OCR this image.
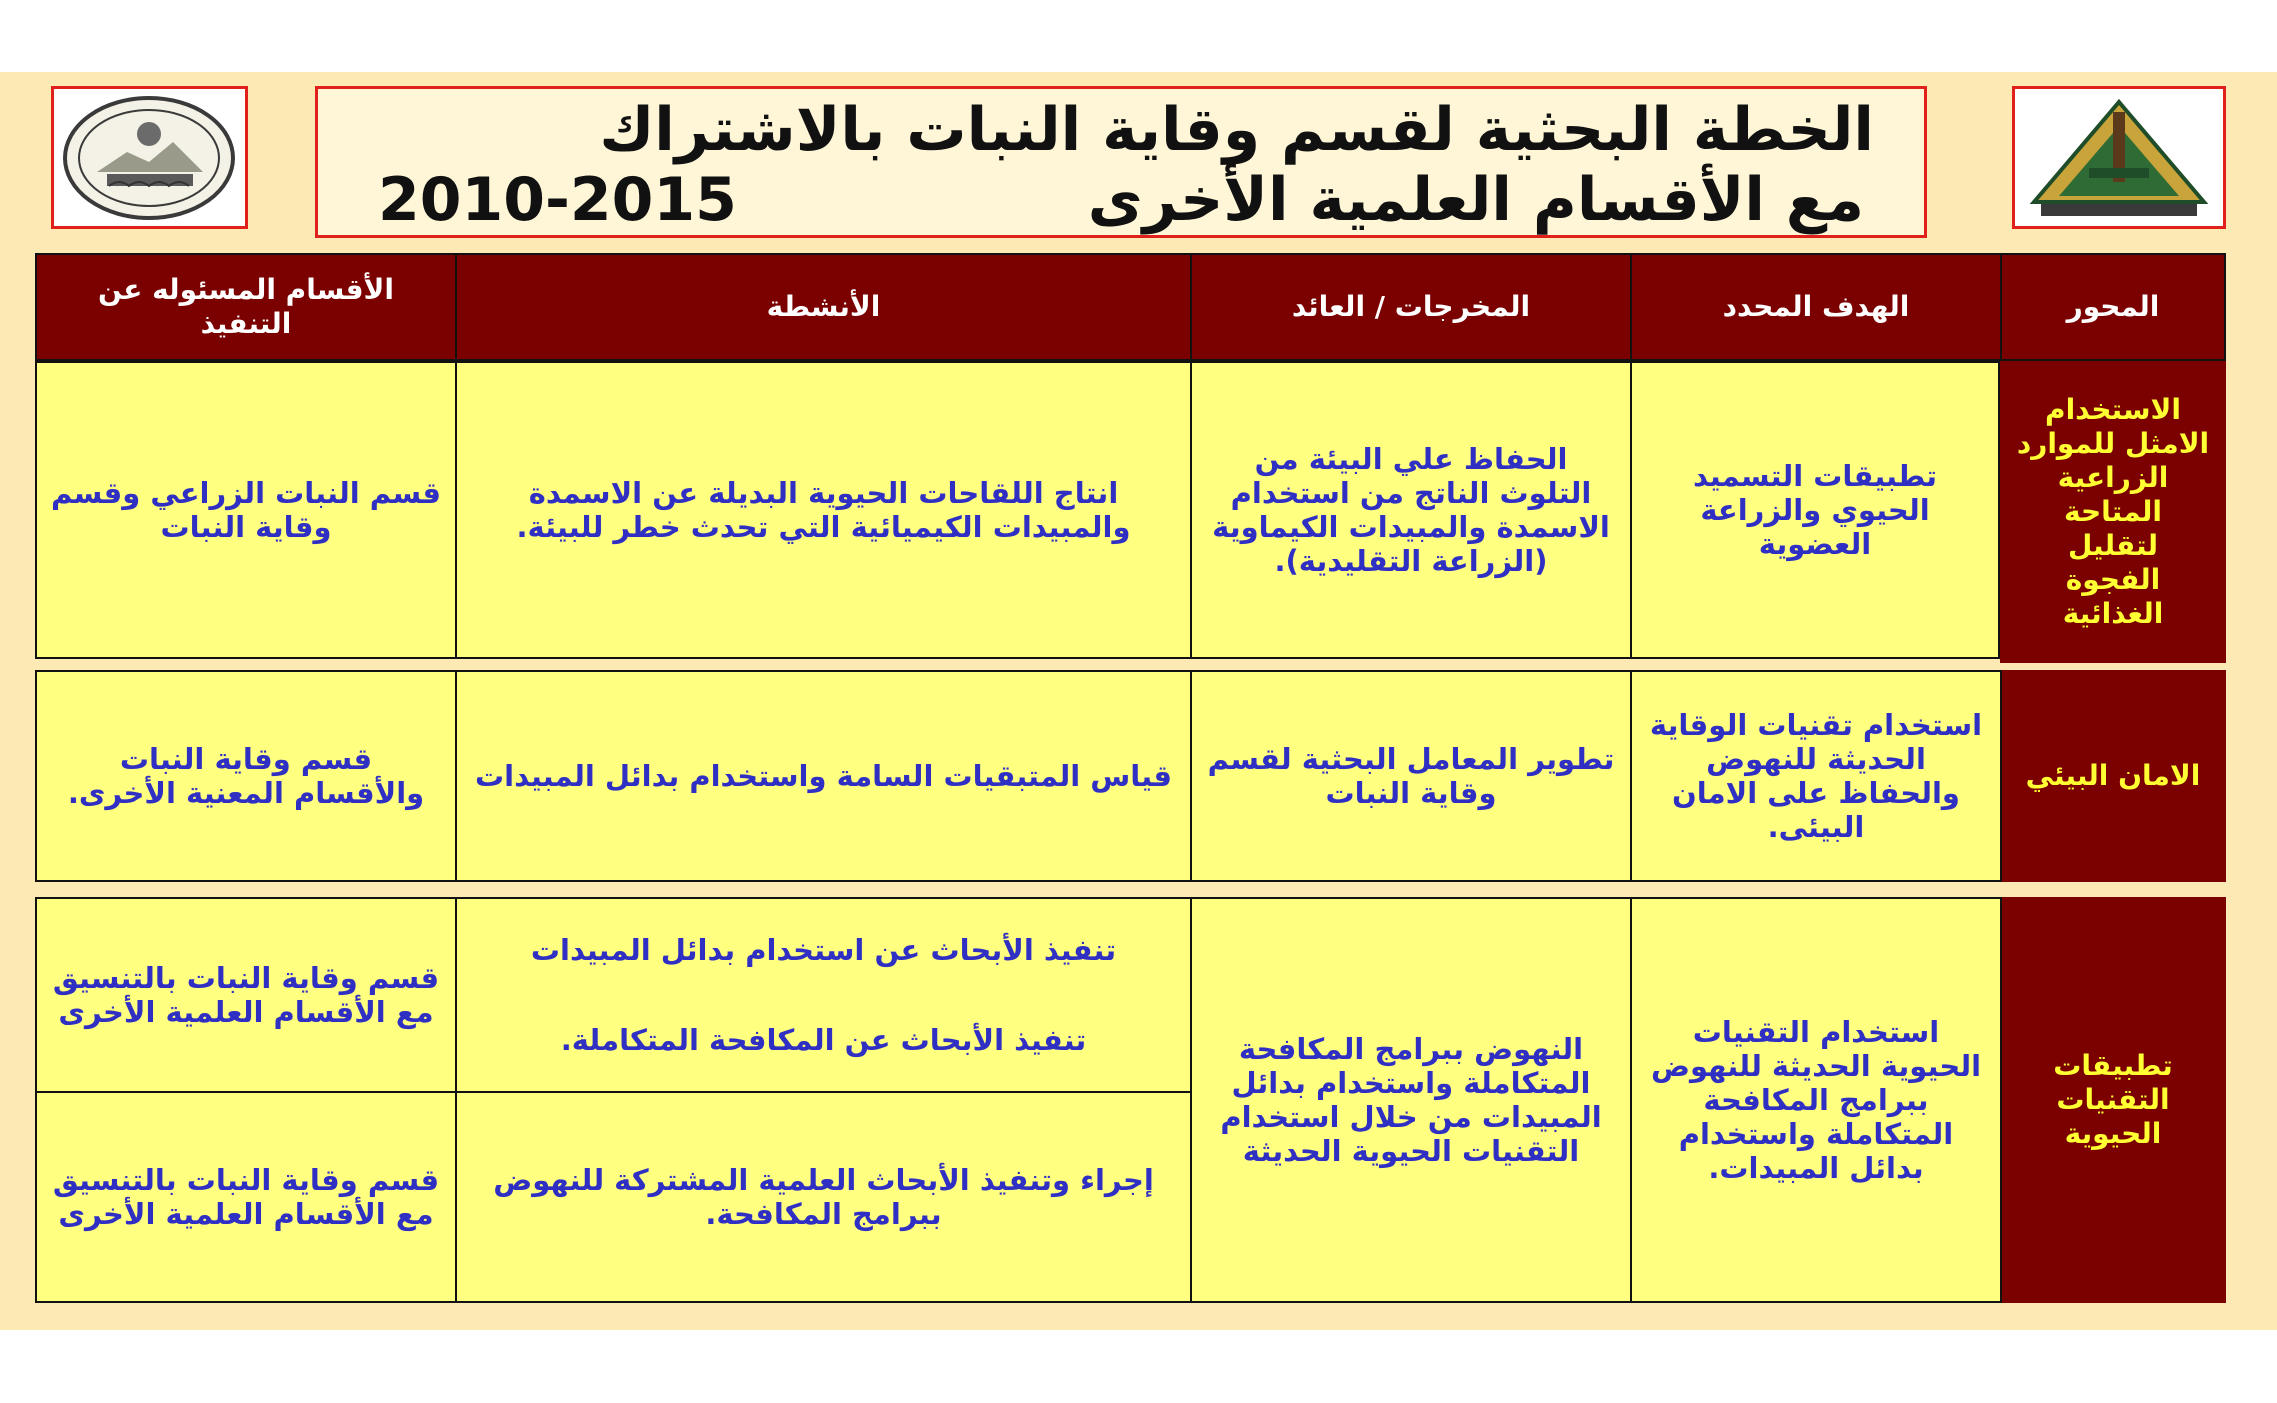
الخطة البحثية لقسم وقاية النبات بالاشتراك
مع الأقسام العلمية الأخرى
2010-2015
المحور
الهدف المحدد
المخرجات / العائد
الأنشطة
الأقسام المسئوله عن التنفيذ
الاستخدام الامثل للموارد الزراعية المتاحة لتقليل الفجوة الغذائية
تطبيقات التسميد الحيوي والزراعة العضوية
الحفاظ علي البيئة من التلوث الناتج من استخدام الاسمدة والمبيدات الكيماوية (الزراعة التقليدية).
انتاج اللقاحات الحيوية البديلة عن الاسمدة والمبيدات الكيميائية التي تحدث خطر للبيئة.
قسم النبات الزراعي وقسم وقاية النبات
الامان البيئي
استخدام تقنيات الوقاية الحديثة للنهوض والحفاظ على الامان البيئى.
تطوير المعامل البحثية لقسم وقاية النبات
قياس المتبقيات السامة واستخدام بدائل المبيدات
قسم وقاية النبات والأقسام المعنية الأخرى.
تطبيقات التقنيات الحيوية
استخدام التقنيات الحيوية الحديثة للنهوض ببرامج المكافحة المتكاملة واستخدام بدائل المبيدات.
النهوض ببرامج المكافحة المتكاملة واستخدام بدائل المبيدات من خلال استخدام التقنيات الحيوية الحديثة
تنفيذ الأبحاث عن استخدام بدائل المبيدات
تنفيذ الأبحاث عن المكافحة المتكاملة.
إجراء وتنفيذ الأبحاث العلمية المشتركة للنهوض ببرامج المكافحة.
قسم وقاية النبات بالتنسيق مع الأقسام العلمية الأخرى
قسم وقاية النبات بالتنسيق مع الأقسام العلمية الأخرى
